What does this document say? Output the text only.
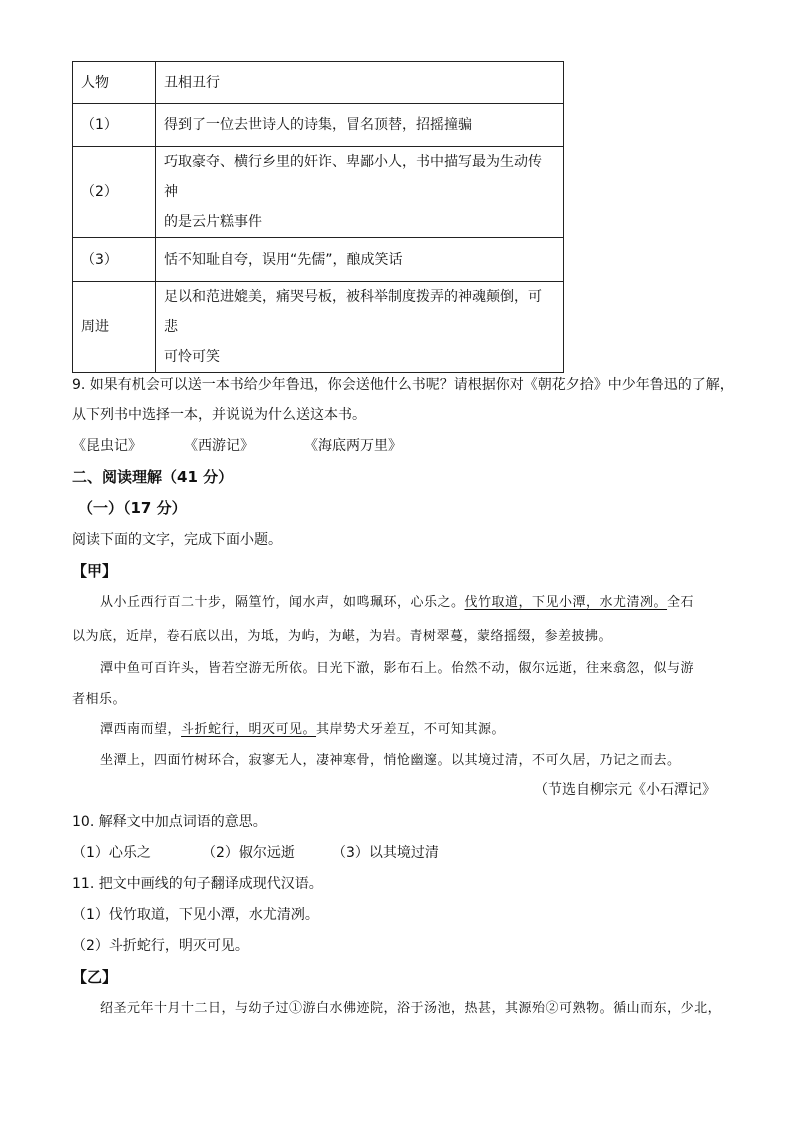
人物	丑相丑行
（1）	得到了一位去世诗人的诗集，冒名顶替，招摇撞骗
（2）	巧取豪夺、横行乡里的奸诈、卑鄙小人，书中描写最为生动传神
的是云片糕事件

（3）	恬不知耻自夸，误用“先儒”，酿成笑话
周进	足以和范进媲美，痛哭号板，被科举制度拨弄的神魂颠倒，可悲
可怜可笑
9. 如果有机会可以送一本书给少年鲁迅，你会送他什么书呢？请根据你对《朝花夕拾》中少年鲁迅的了解，
从下列书中选择一本，并说说为什么送这本书。
《昆虫记》	《西游记》	《海底两万里》
二、阅读理解（41 分）
（一）（17 分）
阅读下面的文字，完成下面小题。
【甲】
从小丘西行百二十步，隔篁竹，闻水声，如鸣珮环，心乐之。伐竹取道，下见小潭，水尤清冽。全石
以为底，近岸，卷石底以出，为坻，为屿，为嵁，为岩。青树翠蔓，蒙络摇缀，参差披拂。
潭中鱼可百许头，皆若空游无所依。日光下澈，影布石上。佁然不动，俶尔远逝，往来翕忽，似与游
者相乐。
潭西南而望，斗折蛇行，明灭可见。其岸势犬牙差互，不可知其源。
坐潭上，四面竹树环合，寂寥无人，凄神寒骨，悄怆幽邃。以其境过清，不可久居，乃记之而去。
（节选自柳宗元《小石潭记》
10. 解释文中加点词语的意思。
（1）心乐之	（2）俶尔远逝	（3）以其境过清
11. 把文中画线的句子翻译成现代汉语。
（1）伐竹取道，下见小潭，水尤清冽。
（2）斗折蛇行，明灭可见。
【乙】
绍圣元年十月十二日，与幼子过①游白水佛迹院，浴于汤池，热甚，其源殆②可熟物。循山而东，少北，
